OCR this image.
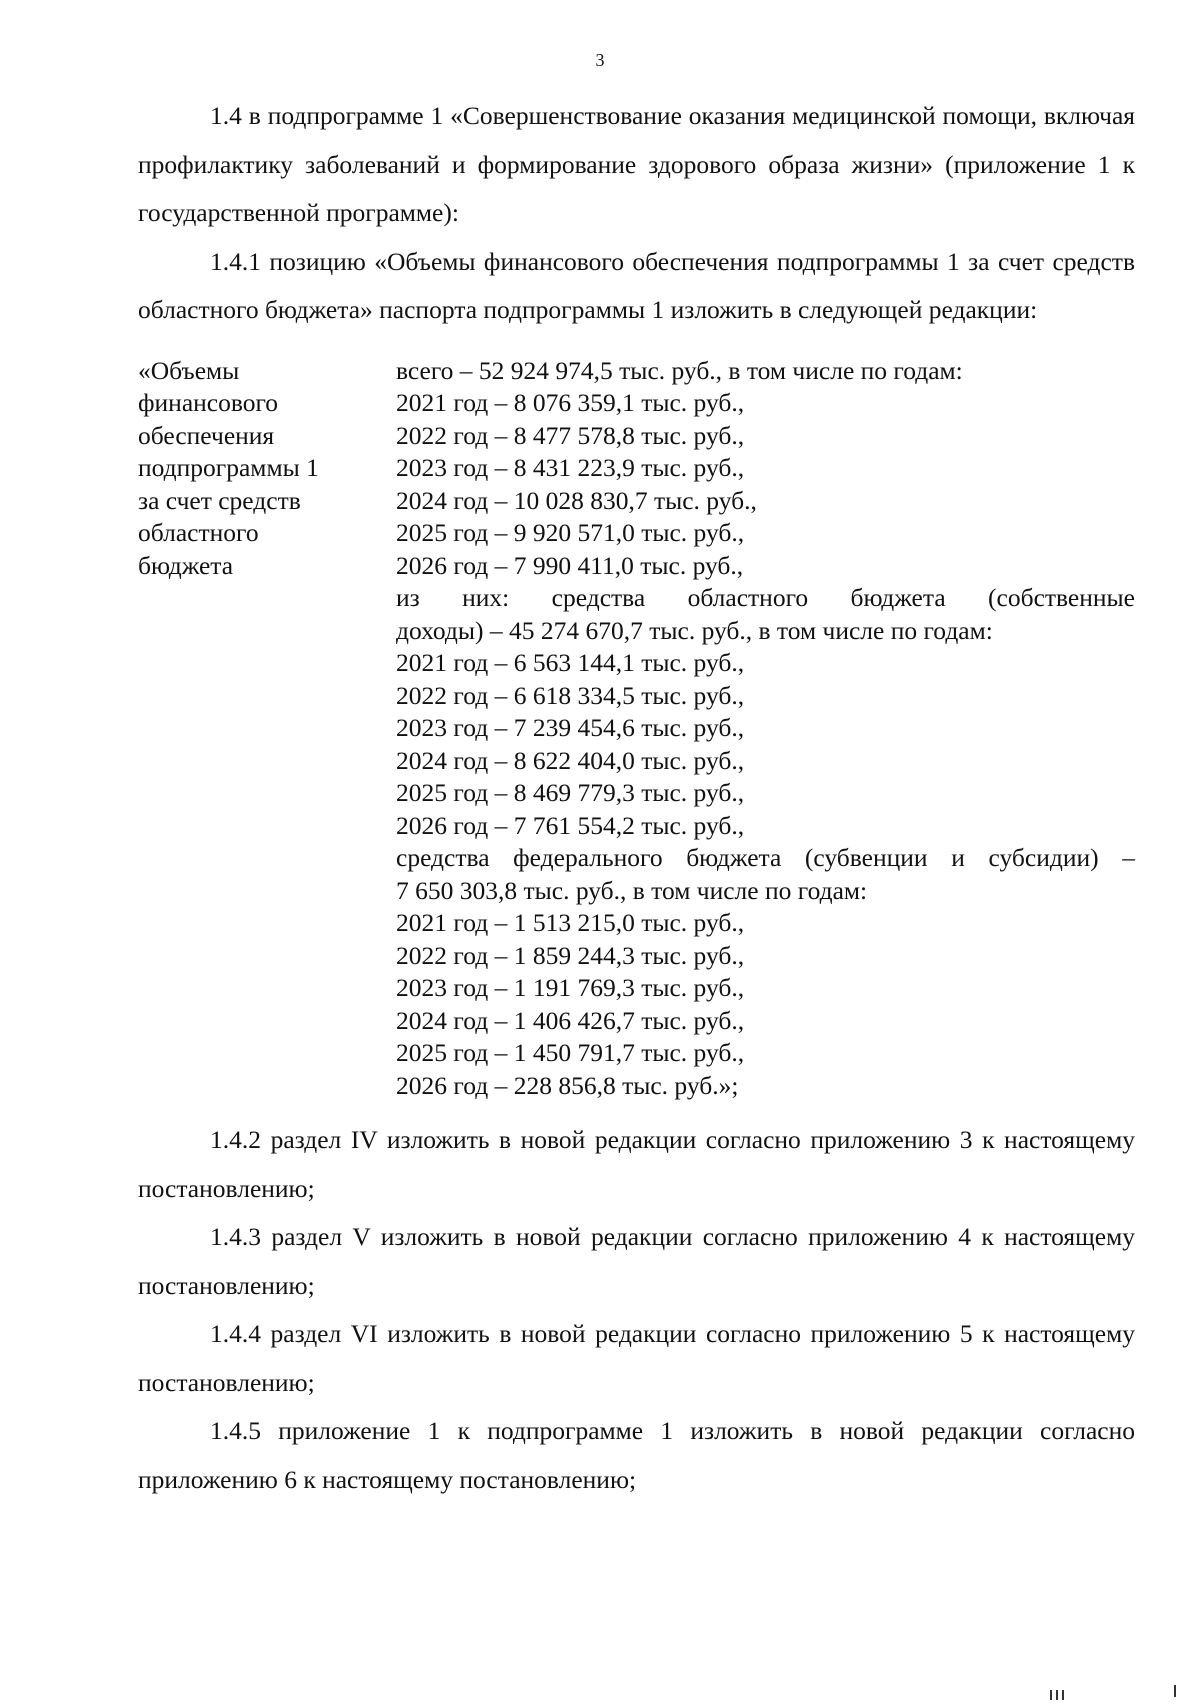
3

1.4 в подпрограмме 1 «Совершенствование оказания медицинской помощи, включая профилактику заболеваний и формирование здорового образа жизни» (приложение 1 к государственной программе):

1.4.1 позицию «Объемы финансового обеспечения подпрограммы 1 за счет средств областного бюджета» паспорта подпрограммы 1 изложить в следующей редакции:

«Объемы
финансового
обеспечения
подпрограммы 1
за счет средств
областного
бюджета
всего – 52 924 974,5 тыс. руб., в том числе по годам:
2021 год – 8 076 359,1 тыс. руб.,
2022 год – 8 477 578,8 тыс. руб.,
2023 год – 8 431 223,9 тыс. руб.,
2024 год – 10 028 830,7 тыс. руб.,
2025 год – 9 920 571,0 тыс. руб.,
2026 год – 7 990 411,0 тыс. руб.,
из них: средства областного бюджета (собственные
доходы) – 45 274 670,7 тыс. руб., в том числе по годам:
2021 год – 6 563 144,1 тыс. руб.,
2022 год – 6 618 334,5 тыс. руб.,
2023 год – 7 239 454,6 тыс. руб.,
2024 год – 8 622 404,0 тыс. руб.,
2025 год – 8 469 779,3 тыс. руб.,
2026 год – 7 761 554,2 тыс. руб.,
средства федерального бюджета (субвенции и субсидии) –
7 650 303,8 тыс. руб., в том числе по годам:
2021 год – 1 513 215,0 тыс. руб.,
2022 год – 1 859 244,3 тыс. руб.,
2023 год – 1 191 769,3 тыс. руб.,
2024 год – 1 406 426,7 тыс. руб.,
2025 год – 1 450 791,7 тыс. руб.,
2026 год – 228 856,8 тыс. руб.»;

1.4.2 раздел IV изложить в новой редакции согласно приложению 3 к настоящему постановлению;

1.4.3 раздел V изложить в новой редакции согласно приложению 4 к настоящему постановлению;

1.4.4 раздел VI изложить в новой редакции согласно приложению 5 к настоящему постановлению;

1.4.5 приложение 1 к подпрограмме 1 изложить в новой редакции согласно приложению 6 к настоящему постановлению;
